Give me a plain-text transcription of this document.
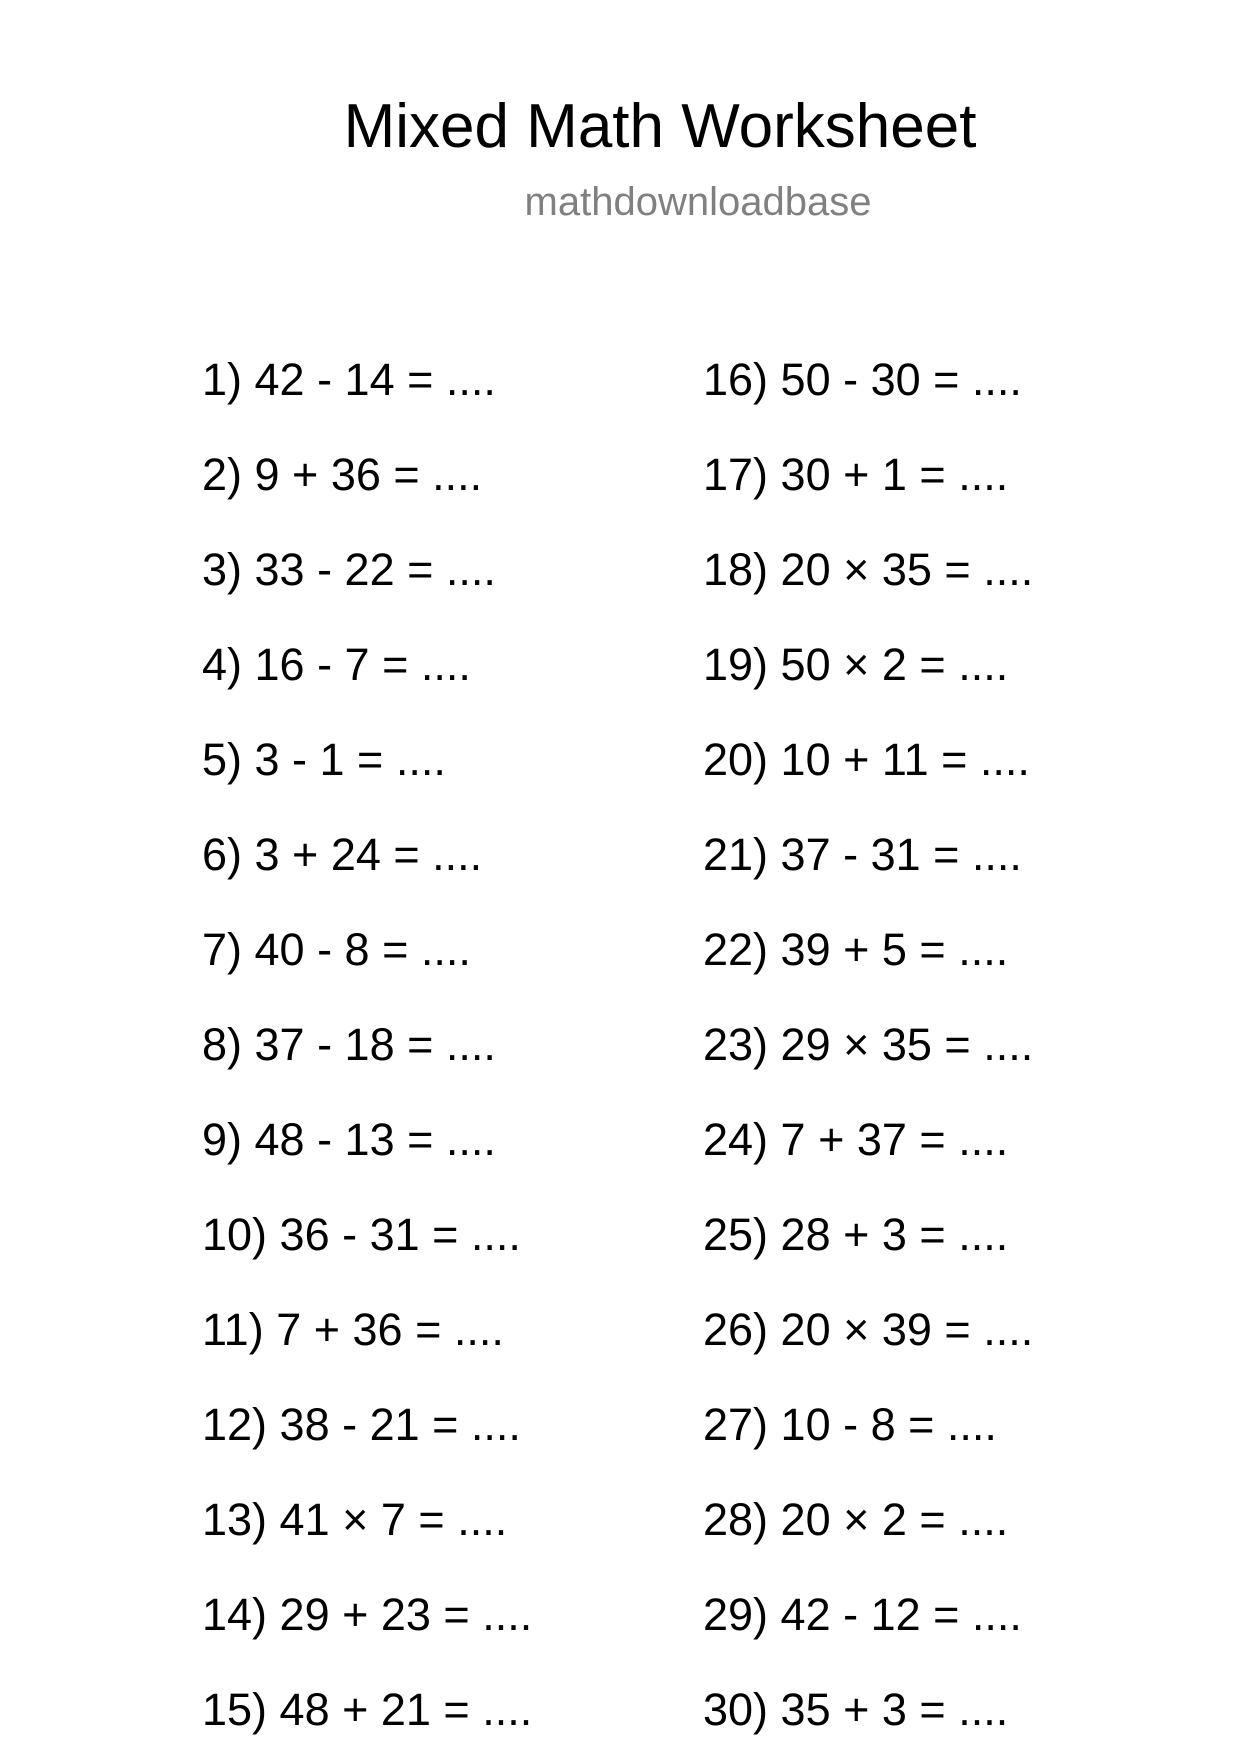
Mixed Math Worksheet
mathdownloadbase
1) 42 - 14 = ....
2) 9 + 36 = ....
3) 33 - 22 = ....
4) 16 - 7 = ....
5) 3 - 1 = ....
6) 3 + 24 = ....
7) 40 - 8 = ....
8) 37 - 18 = ....
9) 48 - 13 = ....
10) 36 - 31 = ....
11) 7 + 36 = ....
12) 38 - 21 = ....
13) 41 × 7 = ....
14) 29 + 23 = ....
15) 48 + 21 = ....
16) 50 - 30 = ....
17) 30 + 1 = ....
18) 20 × 35 = ....
19) 50 × 2 = ....
20) 10 + 11 = ....
21) 37 - 31 = ....
22) 39 + 5 = ....
23) 29 × 35 = ....
24) 7 + 37 = ....
25) 28 + 3 = ....
26) 20 × 39 = ....
27) 10 - 8 = ....
28) 20 × 2 = ....
29) 42 - 12 = ....
30) 35 + 3 = ....
